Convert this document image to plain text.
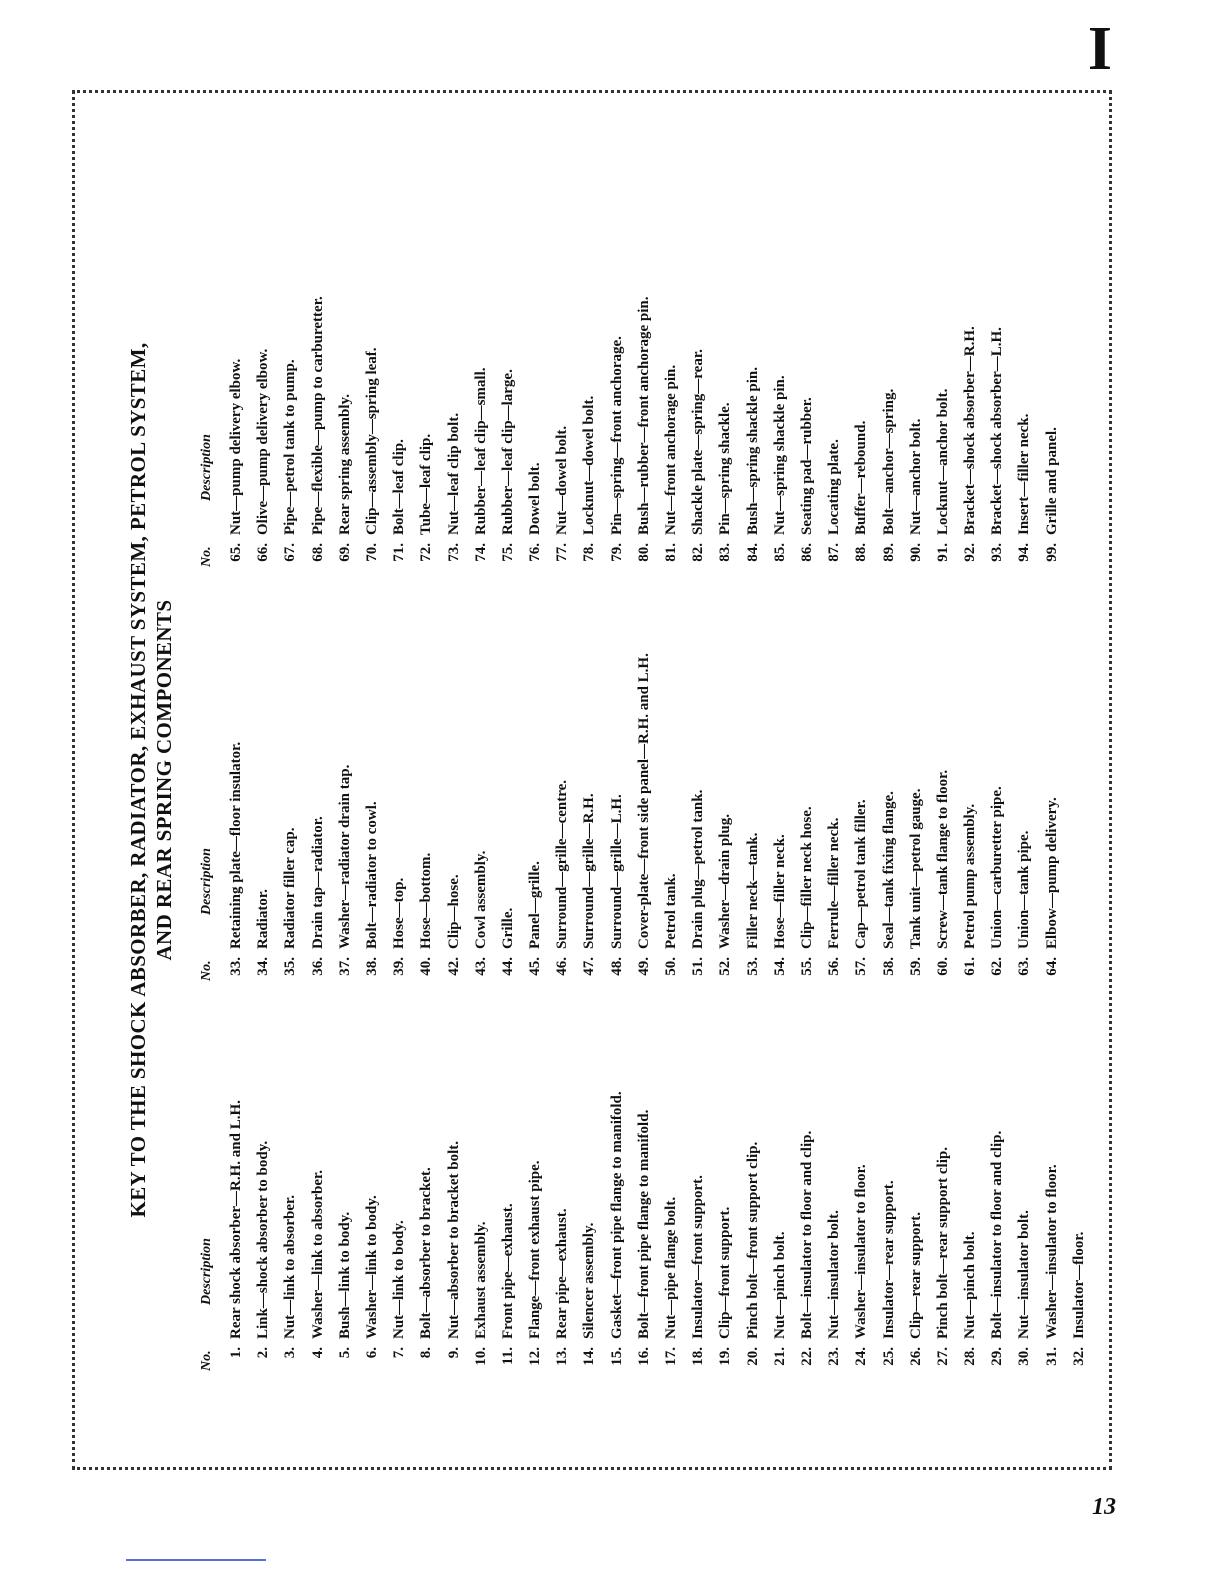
I
KEY TO THE SHOCK ABSORBER, RADIATOR, EXHAUST SYSTEM, PETROL SYSTEM, AND REAR SPRING COMPONENTS
No.Description
1.Rear shock absorber—R.H. and L.H.
2.Link—shock absorber to body.
3.Nut—link to absorber.
4.Washer—link to absorber.
5.Bush—link to body.
6.Washer—link to body.
7.Nut—link to body.
8.Bolt—absorber to bracket.
9.Nut—absorber to bracket bolt.
10.Exhaust assembly.
11.Front pipe—exhaust.
12.Flange—front exhaust pipe.
13.Rear pipe—exhaust.
14.Silencer assembly.
15.Gasket—front pipe flange to manifold.
16.Bolt—front pipe flange to manifold.
17.Nut—pipe flange bolt.
18.Insulator—front support.
19.Clip—front support.
20.Pinch bolt—front support clip.
21.Nut—pinch bolt.
22.Bolt—insulator to floor and clip.
23.Nut—insulator bolt.
24.Washer—insulator to floor.
25.Insulator—rear support.
26.Clip—rear support.
27.Pinch bolt—rear support clip.
28.Nut—pinch bolt.
29.Bolt—insulator to floor and clip.
30.Nut—insulator bolt.
31.Washer—insulator to floor.
32.Insulator—floor.
No.Description
33.Retaining plate—floor insulator.
34.Radiator.
35.Radiator filler cap.
36.Drain tap—radiator.
37.Washer—radiator drain tap.
38.Bolt—radiator to cowl.
39.Hose—top.
40.Hose—bottom.
42.Clip—hose.
43.Cowl assembly.
44.Grille.
45.Panel—grille.
46.Surround—grille—centre.
47.Surround—grille—R.H.
48.Surround—grille—L.H.
49.Cover-plate—front side panel—R.H. and L.H.
50.Petrol tank.
51.Drain plug—petrol tank.
52.Washer—drain plug.
53.Filler neck—tank.
54.Hose—filler neck.
55.Clip—filler neck hose.
56.Ferrule—filler neck.
57.Cap—petrol tank filler.
58.Seal—tank fixing flange.
59.Tank unit—petrol gauge.
60.Screw—tank flange to floor.
61.Petrol pump assembly.
62.Union—carburetter pipe.
63.Union—tank pipe.
64.Elbow—pump delivery.
No.Description
65.Nut—pump delivery elbow.
66.Olive—pump delivery elbow.
67.Pipe—petrol tank to pump.
68.Pipe—flexible—pump to carburetter.
69.Rear spring assembly.
70.Clip—assembly—spring leaf.
71.Bolt—leaf clip.
72.Tube—leaf clip.
73.Nut—leaf clip bolt.
74.Rubber—leaf clip—small.
75.Rubber—leaf clip—large.
76.Dowel bolt.
77.Nut—dowel bolt.
78.Locknut—dowel bolt.
79.Pin—spring—front anchorage.
80.Bush—rubber—front anchorage pin.
81.Nut—front anchorage pin.
82.Shackle plate—spring—rear.
83.Pin—spring shackle.
84.Bush—spring shackle pin.
85.Nut—spring shackle pin.
86.Seating pad—rubber.
87.Locating plate.
88.Buffer—rebound.
89.Bolt—anchor—spring.
90.Nut—anchor bolt.
91.Locknut—anchor bolt.
92.Bracket—shock absorber—R.H.
93.Bracket—shock absorber—L.H.
94.Insert—filler neck.
99.Grille and panel.
13
